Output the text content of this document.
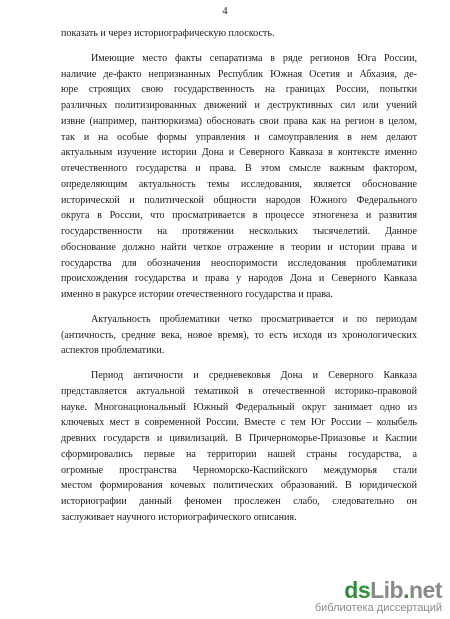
4
показать и через историографическую плоскость.
Имеющие место факты сепаратизма в ряде регионов Юга России,
наличие де-факто непризнанных Республик Южная Осетия и Абхазия, де-
юре строящих свою государственность на границах России, попытки
различных политизированных движений и деструктивных сил или учений
извне (например, пантюркизма) обосновать свои права как на регион в целом,
так и на особые формы управления и самоуправления в нем делают
актуальным изучение истории Дона и Северного Кавказа в контексте именно
отечественного государства и права. В этом смысле важным фактором,
определяющим актуальность темы исследования, является обоснование
исторической и политической общности народов Южного Федерального
округа в России, что просматривается в процессе этногенеза и развития
государственности на протяжении нескольких тысячелетий. Данное
обоснование должно найти четкое отражение в теории и истории права и
государства для обозначения неоспоримости исследования проблематики
происхождения государства и права у народов Дона и Северного Кавказа
именно в ракурсе истории отечественного государства и права.
Актуальность проблематики четко просматривается и по периодам
(античность, средние века, новое время), то есть исходя из хронологических
аспектов проблематики.
Период античности и средневековья Дона и Северного Кавказа
представляется актуальной тематикой в отечественной историко-правовой
науке. Многонациональный Южный Федеральный округ занимает одно из
ключевых мест в современной России. Вместе с тем Юг России – колыбель
древних государств и цивилизаций. В Причерноморье-Приазовье и Каспии
сформировались первые на территории нашей страны государства, а
огромные пространства Черноморско-Каспийского междуморья стали
местом формирования кочевых политических образований. В юридической
историографии данный феномен прослежен слабо, следовательно он
заслуживает научного историографического описания.
dsLib.net
библиотека диссертаций
